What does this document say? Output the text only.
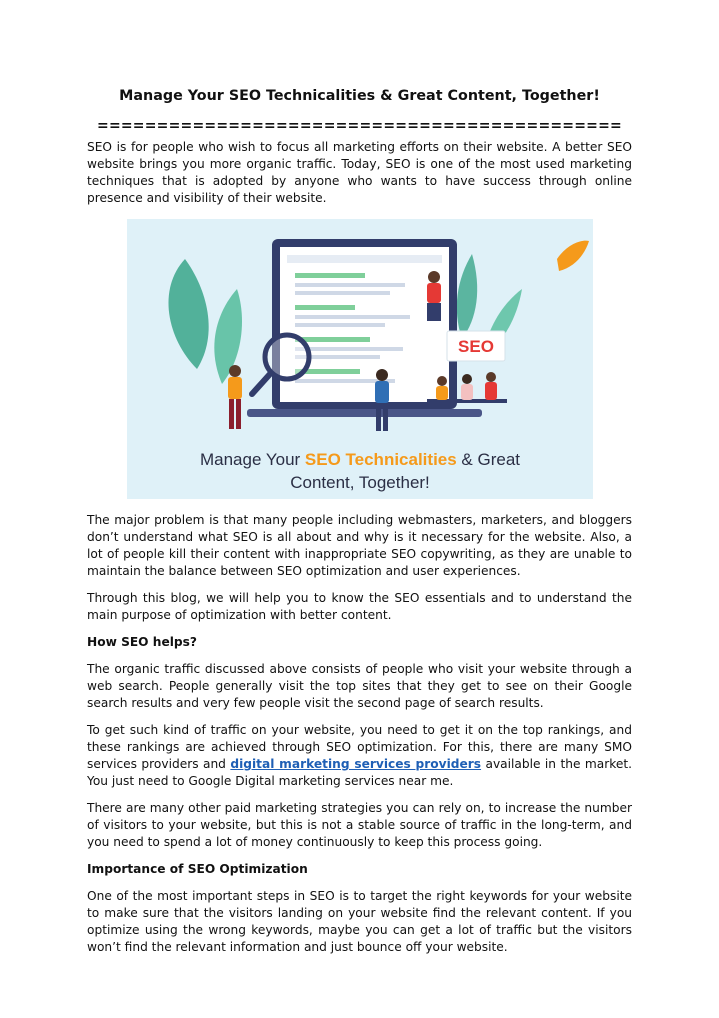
Manage Your SEO Technicalities & Great Content, Together!
============================================

SEO is for people who wish to focus all marketing efforts on their website. A better SEO website brings you more organic traffic. Today, SEO is one of the most used marketing techniques that is adopted by anyone who wants to have success through online presence and visibility of their website.

SEO
Manage Your SEO Technicalities & Great
Content, Together!

The major problem is that many people including webmasters, marketers, and bloggers don’t understand what SEO is all about and why is it necessary for the website. Also, a lot of people kill their content with inappropriate SEO copywriting, as they are unable to maintain the balance between SEO optimization and user experiences.

Through this blog, we will help you to know the SEO essentials and to understand the main purpose of optimization with better content.

How SEO helps?

The organic traffic discussed above consists of people who visit your website through a web search. People generally visit the top sites that they get to see on their Google search results and very few people visit the second page of search results.

To get such kind of traffic on your website, you need to get it on the top rankings, and these rankings are achieved through SEO optimization. For this, there are many SMO services providers and digital marketing services providers available in the market. You just need to Google Digital marketing services near me.

There are many other paid marketing strategies you can rely on, to increase the number of visitors to your website, but this is not a stable source of traffic in the long-term, and you need to spend a lot of money continuously to keep this process going.

Importance of SEO Optimization

One of the most important steps in SEO is to target the right keywords for your website to make sure that the visitors landing on your website find the relevant content. If you optimize using the wrong keywords, maybe you can get a lot of traffic but the visitors won’t find the relevant information and just bounce off your website.
